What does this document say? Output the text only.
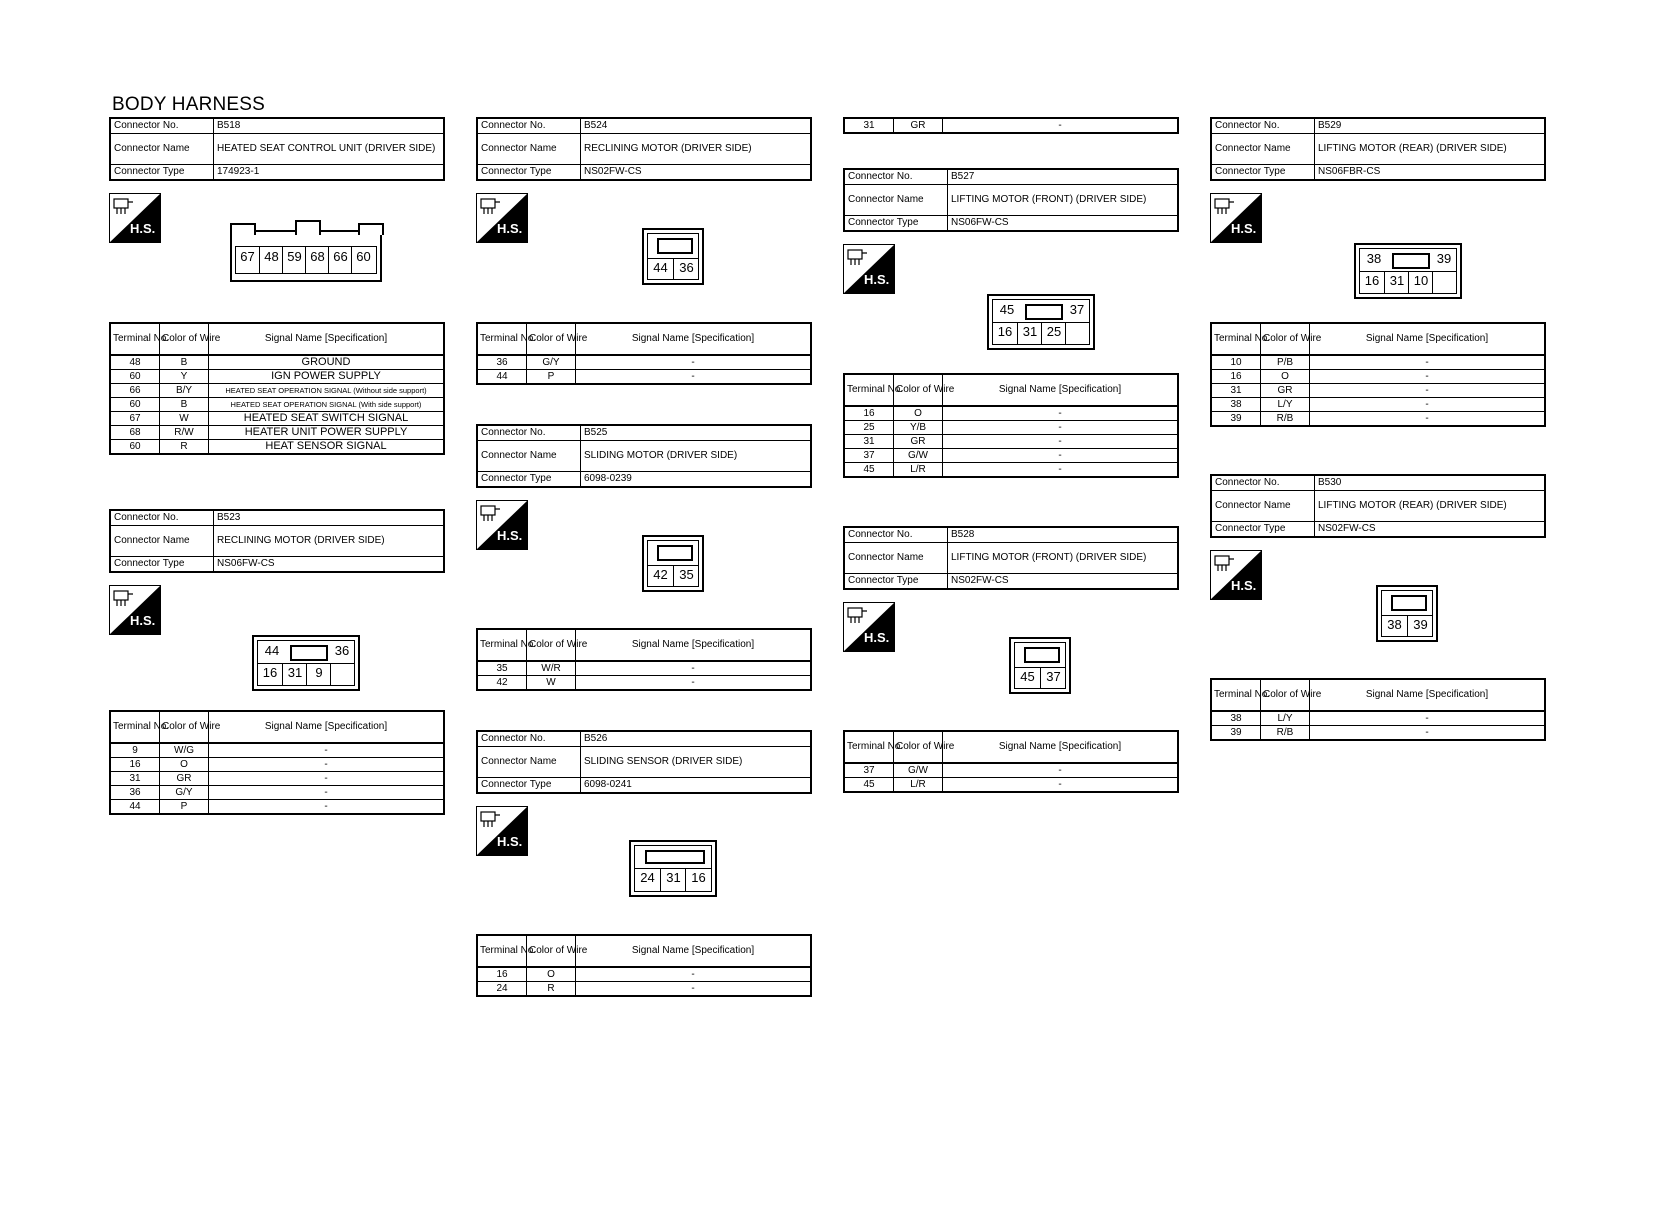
BODY HARNESS
Connector No.	B518
Connector Name	HEATED SEAT CONTROL UNIT (DRIVER SIDE)
Connector Type	174923-1
H.S.
67 48 59 68 66 60
Terminal No.	Color of Wire	Signal Name [Specification]
48	B	GROUND
60	Y	IGN POWER SUPPLY
66	B/Y	HEATED SEAT OPERATION SIGNAL (Without side support)
60	B	HEATED SEAT OPERATION SIGNAL (With side support)
67	W	HEATED SEAT SWITCH SIGNAL
68	R/W	HEATER UNIT POWER SUPPLY
60	R	HEAT SENSOR SIGNAL
Connector No.	B523
Connector Name	RECLINING MOTOR (DRIVER SIDE)
Connector Type	NS06FW-CS
H.S.
44	36
16 31	9
Terminal No.	Color of Wire	Signal Name [Specification]
9	W/G	-
16	O	-
31	GR	-
36	G/Y	-
44	P	-
Connector No.	B524
Connector Name	RECLINING MOTOR (DRIVER SIDE)
Connector Type	NS02FW-CS
H.S.
44 36
Terminal No.	Color of Wire	Signal Name [Specification]
36	G/Y	-
44	P	-
Connector No.	B525
Connector Name	SLIDING MOTOR (DRIVER SIDE)
Connector Type	6098-0239
H.S.
42 35
Terminal No.	Color of Wire	Signal Name [Specification]
35	W/R	-
42	W	-
Connector No.	B526
Connector Name	SLIDING SENSOR (DRIVER SIDE)
Connector Type	6098-0241
H.S.
24 31 16
Terminal No.	Color of Wire	Signal Name [Specification]
16	O	-
24	R	-
31	GR	-
Connector No.	B527
Connector Name	LIFTING MOTOR (FRONT) (DRIVER SIDE)
Connector Type	NS06FW-CS
H.S.
45	37
16 31 25
Terminal No.	Color of Wire	Signal Name [Specification]
16	O	-
25	Y/B	-
31	GR	-
37	G/W	-
45	L/R	-
Connector No.	B528
Connector Name	LIFTING MOTOR (FRONT) (DRIVER SIDE)
Connector Type	NS02FW-CS
H.S.
45 37
Terminal No.	Color of Wire	Signal Name [Specification]
37	G/W	-
45	L/R	-
Connector No.	B529
Connector Name	LIFTING MOTOR (REAR) (DRIVER SIDE)
Connector Type	NS06FBR-CS
H.S.
38	39
16 31 10
Terminal No.	Color of Wire	Signal Name [Specification]
10	P/B	-
16	O	-
31	GR	-
38	L/Y	-
39	R/B	-
Connector No.	B530
Connector Name	LIFTING MOTOR (REAR) (DRIVER SIDE)
Connector Type	NS02FW-CS
H.S.
38 39
Terminal No.	Color of Wire	Signal Name [Specification]
38	L/Y	-
39	R/B	-
